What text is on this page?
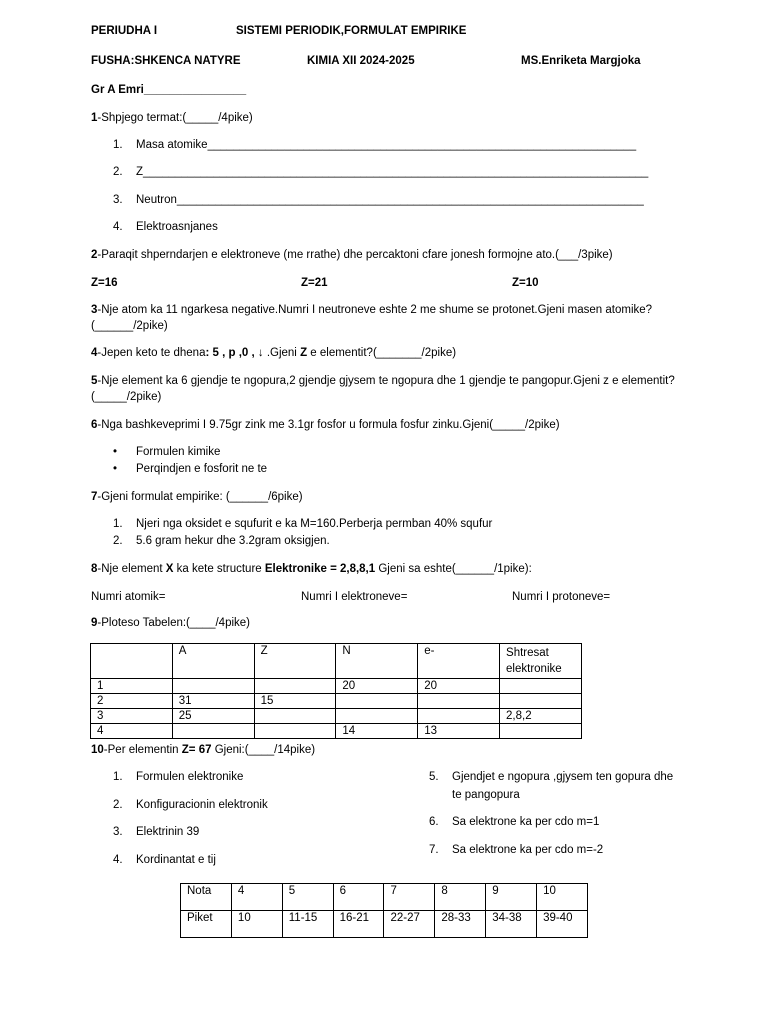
PERIUDHA I	SISTEMI PERIODIK,FORMULAT EMPIRIKE
FUSHA:SHKENCA NATYRE	KIMIA XII 2024-2025	MS.Enriketa Margjoka
Gr A Emri________________
1-Shpjego termat:(_____/4pike)
1. Masa atomike___________________________________________________________________
2. Z_______________________________________________________________________________
3. Neutron_________________________________________________________________________
4. Elektroasnjanes
2-Paraqit shperndarjen e elektroneve (me rrathe) dhe percaktoni cfare jonesh formojne ato.(___/3pike)
Z=16	Z=21	Z=10
3-Nje atom ka 11 ngarkesa negative.Numri I neutroneve eshte 2 me shume se protonet.Gjeni masen atomike?
(______/2pike)
4-Jepen keto te dhena: 5 , p ,0 , ↓ .Gjeni Z e elementit?(_______/2pike)
5-Nje element ka 6 gjendje te ngopura,2 gjendje gjysem te ngopura dhe 1 gjendje te pangopur.Gjeni z e elementit?
(_____/2pike)
6-Nga bashkeveprimi I 9.75gr zink me 3.1gr fosfor u formula fosfur zinku.Gjeni(_____/2pike)
• Formulen kimike
• Perqindjen e fosforit ne te
7-Gjeni formulat empirike: (______/6pike)
1. Njeri nga oksidet e squfurit e ka M=160.Perberja permban 40% squfur
2. 5.6 gram hekur dhe 3.2gram oksigjen.
8-Nje element X ka kete structure Elektronike = 2,8,8,1 Gjeni sa eshte(______/1pike):
Numri atomik=	Numri I elektroneve=	Numri I protoneve=
9-Ploteso Tabelen:(____/4pike)
	A	Z	N	e-	Shtresat elektronike
1			20	20	
2	31	15			
3	25				2,8,2
4			14	13	
10-Per elementin Z= 67 Gjeni:(____/14pike)
1. Formulen elektronike
2. Konfiguracionin elektronik
3. Elektrinin 39
4. Kordinantat e tij
5. Gjendjet e ngopura ,gjysem ten gopura dhe
te pangopura
6. Sa elektrone ka per cdo m=1
7. Sa elektrone ka per cdo m=-2
Nota	4	5	6	7	8	9	10
Piket	10	11-15	16-21	22-27	28-33	34-38	39-40
